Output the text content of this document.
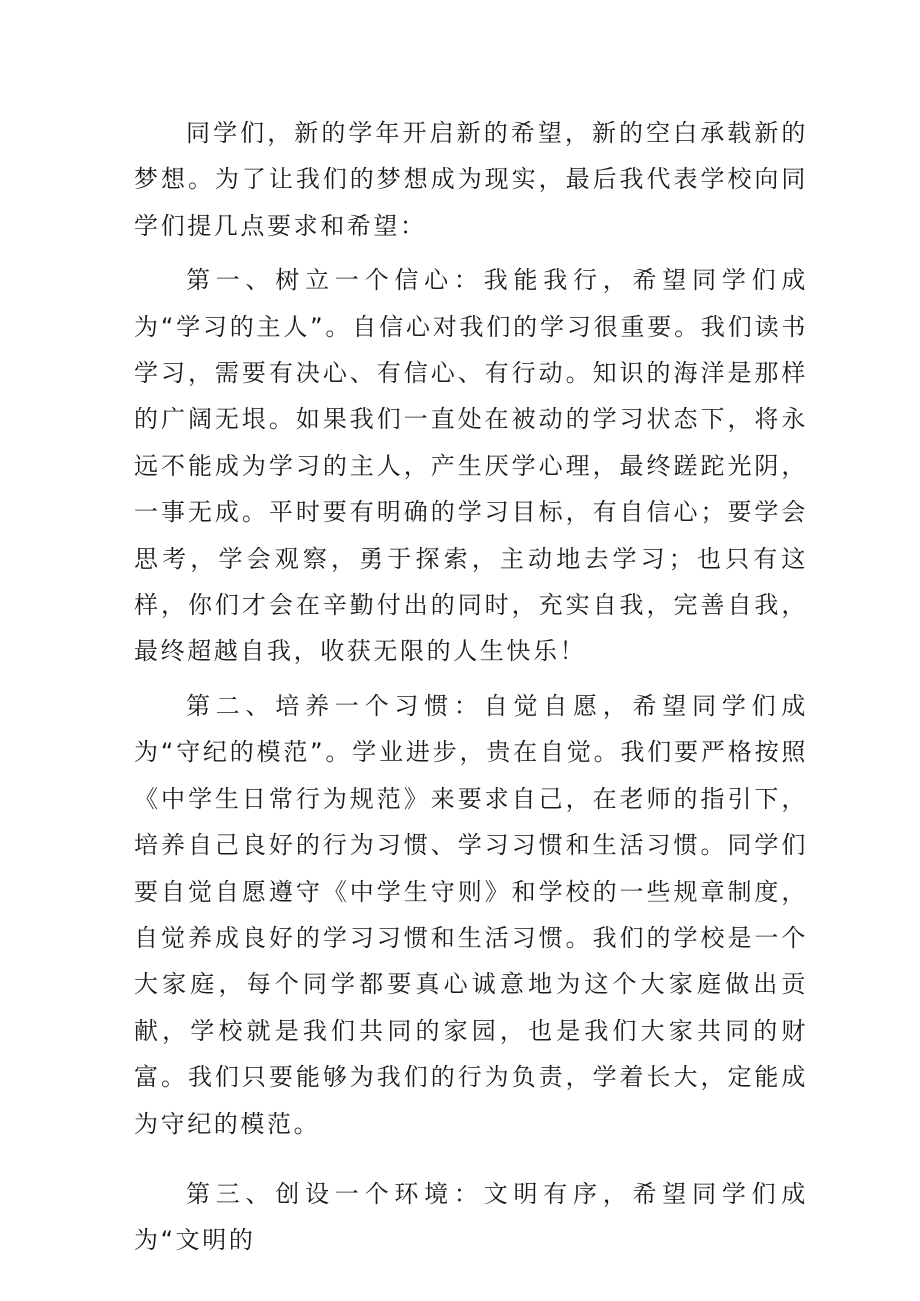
同学们，新的学年开启新的希望，新的空白承载新的梦想。为了让我们的梦想成为现实，最后我代表学校向同学们提几点要求和希望：

第一、树立一个信心：我能我行，希望同学们成为“学习的主人”。自信心对我们的学习很重要。我们读书学习，需要有决心、有信心、有行动。知识的海洋是那样的广阔无垠。如果我们一直处在被动的学习状态下，将永远不能成为学习的主人，产生厌学心理，最终蹉跎光阴，一事无成。平时要有明确的学习目标，有自信心；要学会思考，学会观察，勇于探索，主动地去学习；也只有这样，你们才会在辛勤付出的同时，充实自我，完善自我，最终超越自我，收获无限的人生快乐！

第二、培养一个习惯：自觉自愿，希望同学们成为“守纪的模范”。学业进步，贵在自觉。我们要严格按照《中学生日常行为规范》来要求自己，在老师的指引下，培养自己良好的行为习惯、学习习惯和生活习惯。同学们要自觉自愿遵守《中学生守则》和学校的一些规章制度，自觉养成良好的学习习惯和生活习惯。我们的学校是一个大家庭，每个同学都要真心诚意地为这个大家庭做出贡献，学校就是我们共同的家园，也是我们大家共同的财富。我们只要能够为我们的行为负责，学着长大，定能成为守纪的模范。

第三、创设一个环境：文明有序，希望同学们成为“文明的
